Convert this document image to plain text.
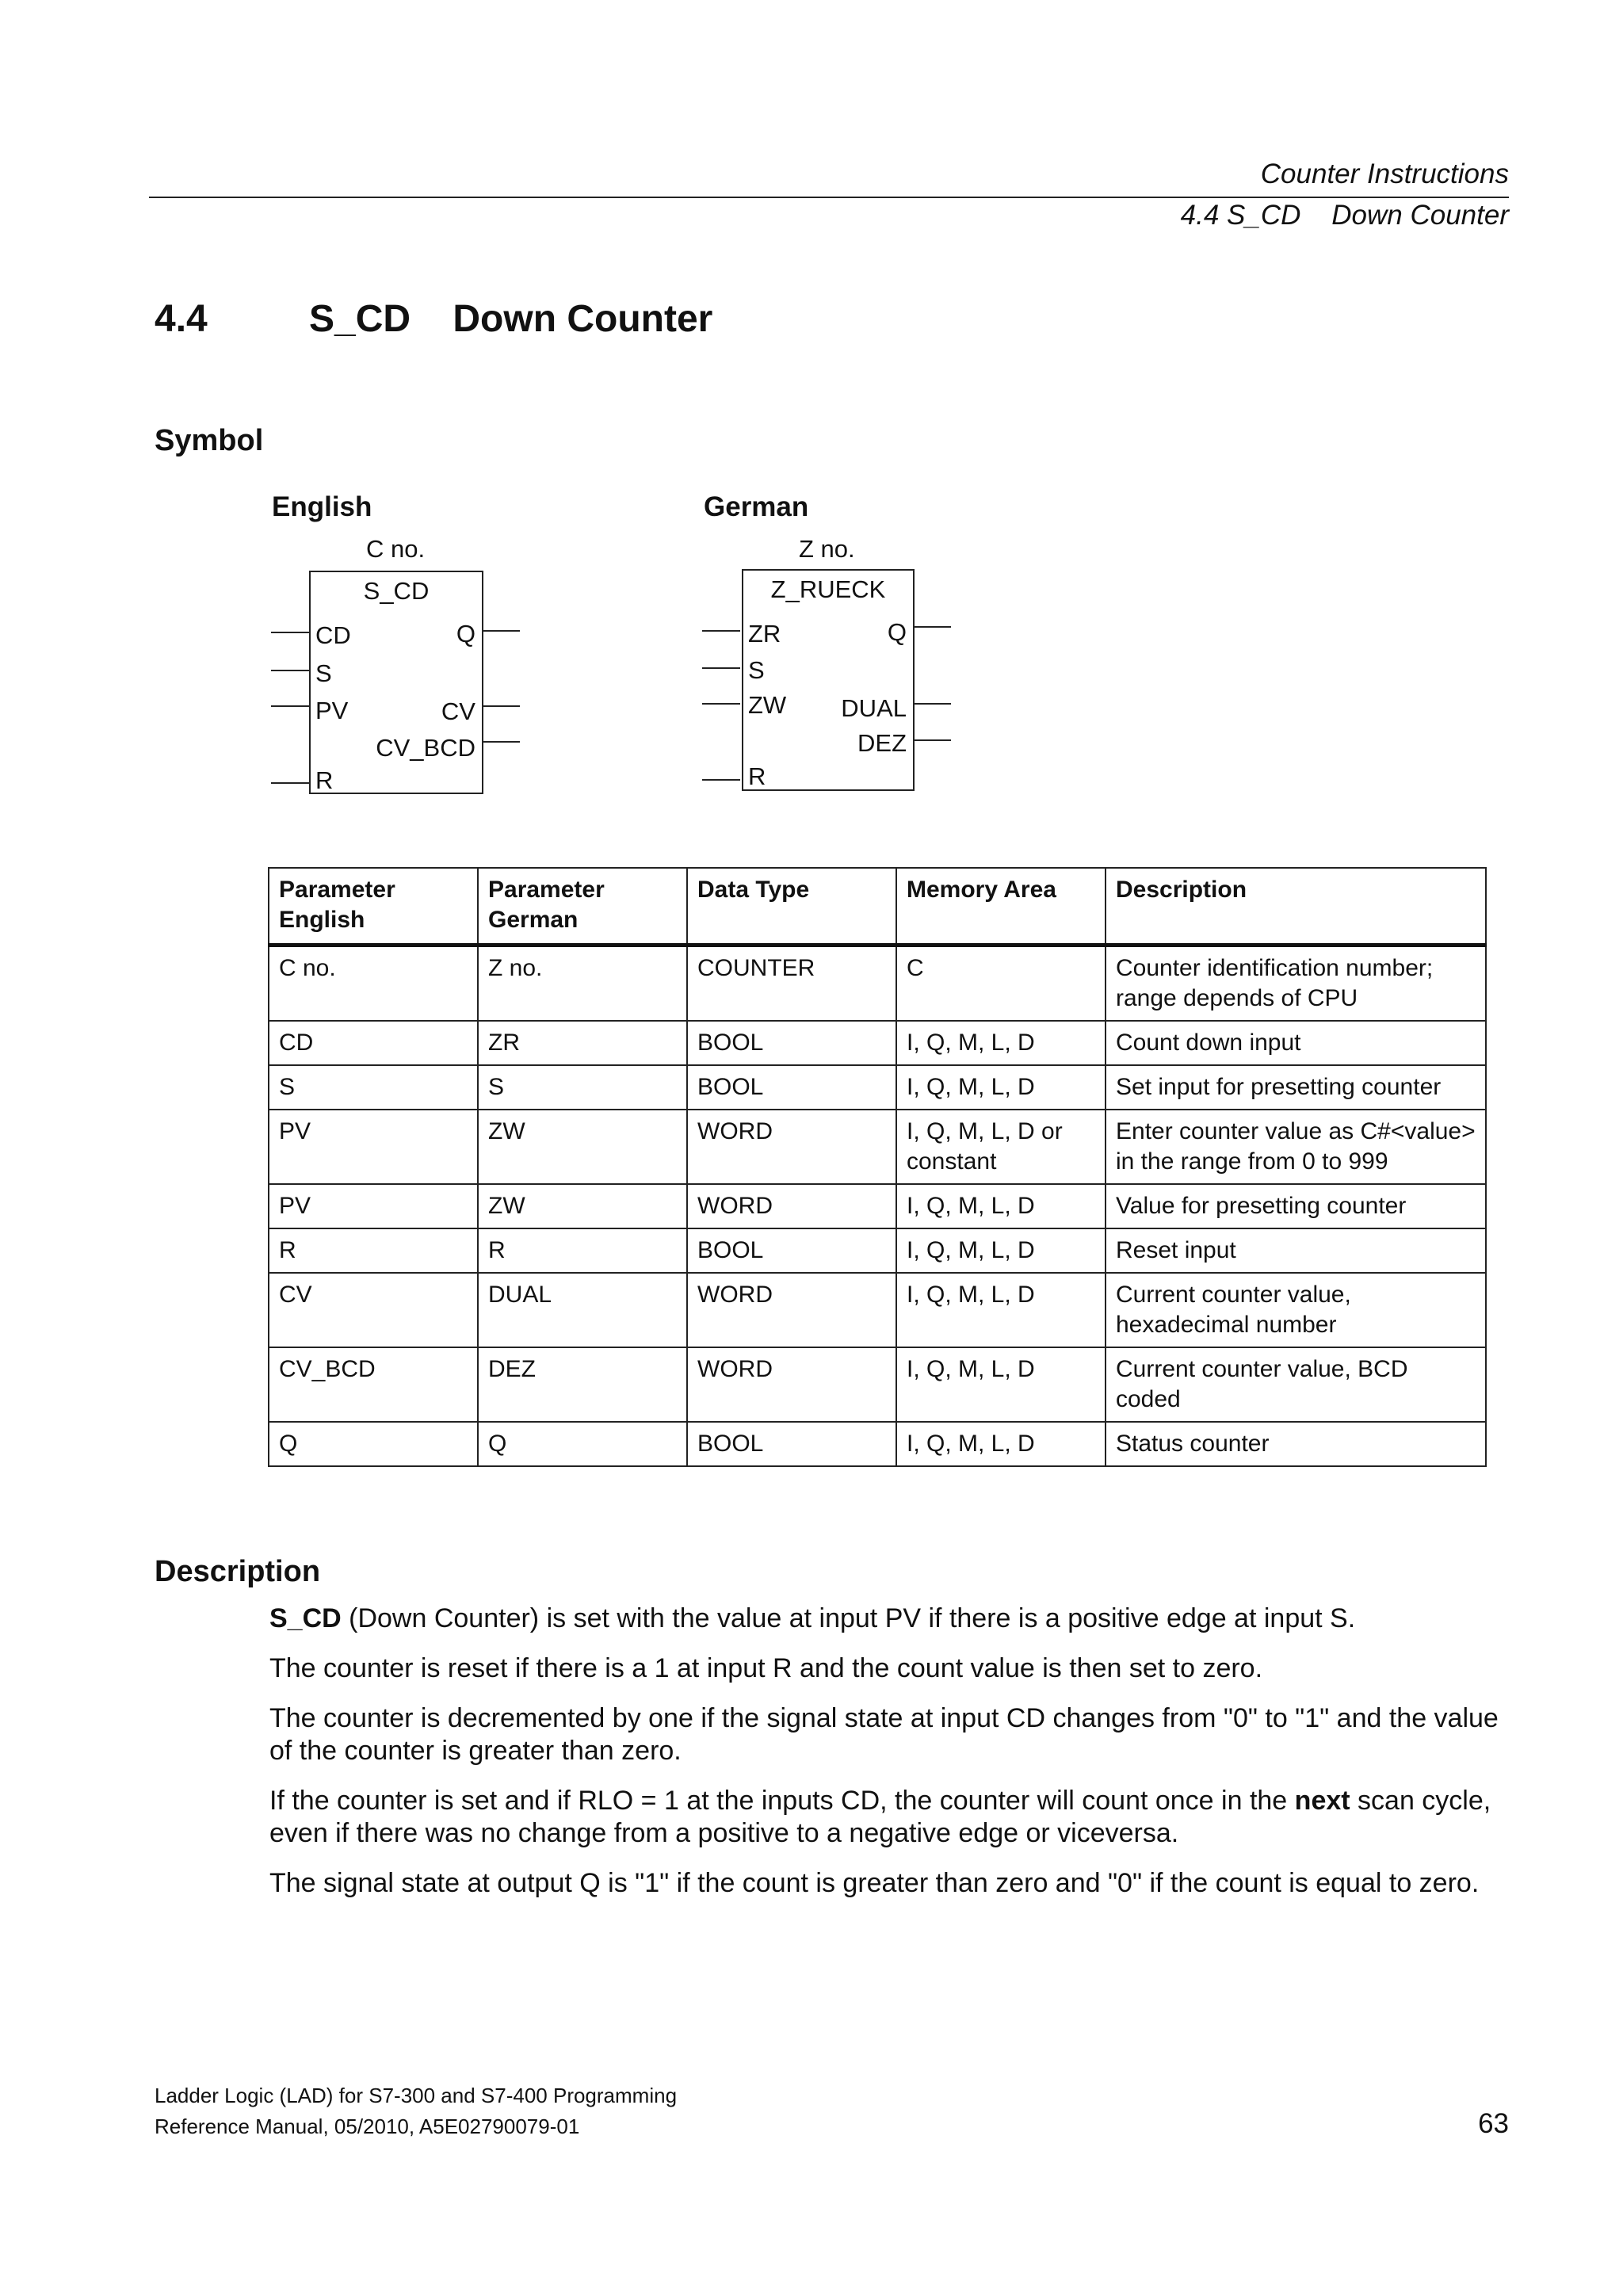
Counter Instructions
4.4 S_CD    Down Counter
4.4	S_CD    Down Counter
Symbol
English
C no.
S_CD
CD
S
PV
R
Q
CV
CV_BCD
German
Z no.
Z_RUECK
ZR
S
ZW
R
Q
DUAL
DEZ
Parameter English	Parameter German	Data Type	Memory Area	Description
C no.	Z no.	COUNTER	C	Counter identification number; range depends of CPU
CD	ZR	BOOL	I, Q, M, L, D	Count down input
S	S	BOOL	I, Q, M, L, D	Set input for presetting counter
PV	ZW	WORD	I, Q, M, L, D or constant	Enter counter value as C#<value> in the range from 0 to 999
PV	ZW	WORD	I, Q, M, L, D	Value for presetting counter
R	R	BOOL	I, Q, M, L, D	Reset input
CV	DUAL	WORD	I, Q, M, L, D	Current counter value, hexadecimal number
CV_BCD	DEZ	WORD	I, Q, M, L, D	Current counter value, BCD coded
Q	Q	BOOL	I, Q, M, L, D	Status counter
Description

S_CD (Down Counter) is set with the value at input PV if there is a positive edge at input S.

The counter is reset if there is a 1 at input R and the count value is then set to zero.

The counter is decremented by one if the signal state at input CD changes from "0" to "1" and the value of the counter is greater than zero.

If the counter is set and if RLO = 1 at the inputs CD, the counter will count once in the next scan cycle, even if there was no change from a positive to a negative edge or viceversa.

The signal state at output Q is "1" if the count is greater than zero and "0" if the count is equal to zero.

Ladder Logic (LAD) for S7-300 and S7-400 Programming
Reference Manual, 05/2010, A5E02790079-01	63
